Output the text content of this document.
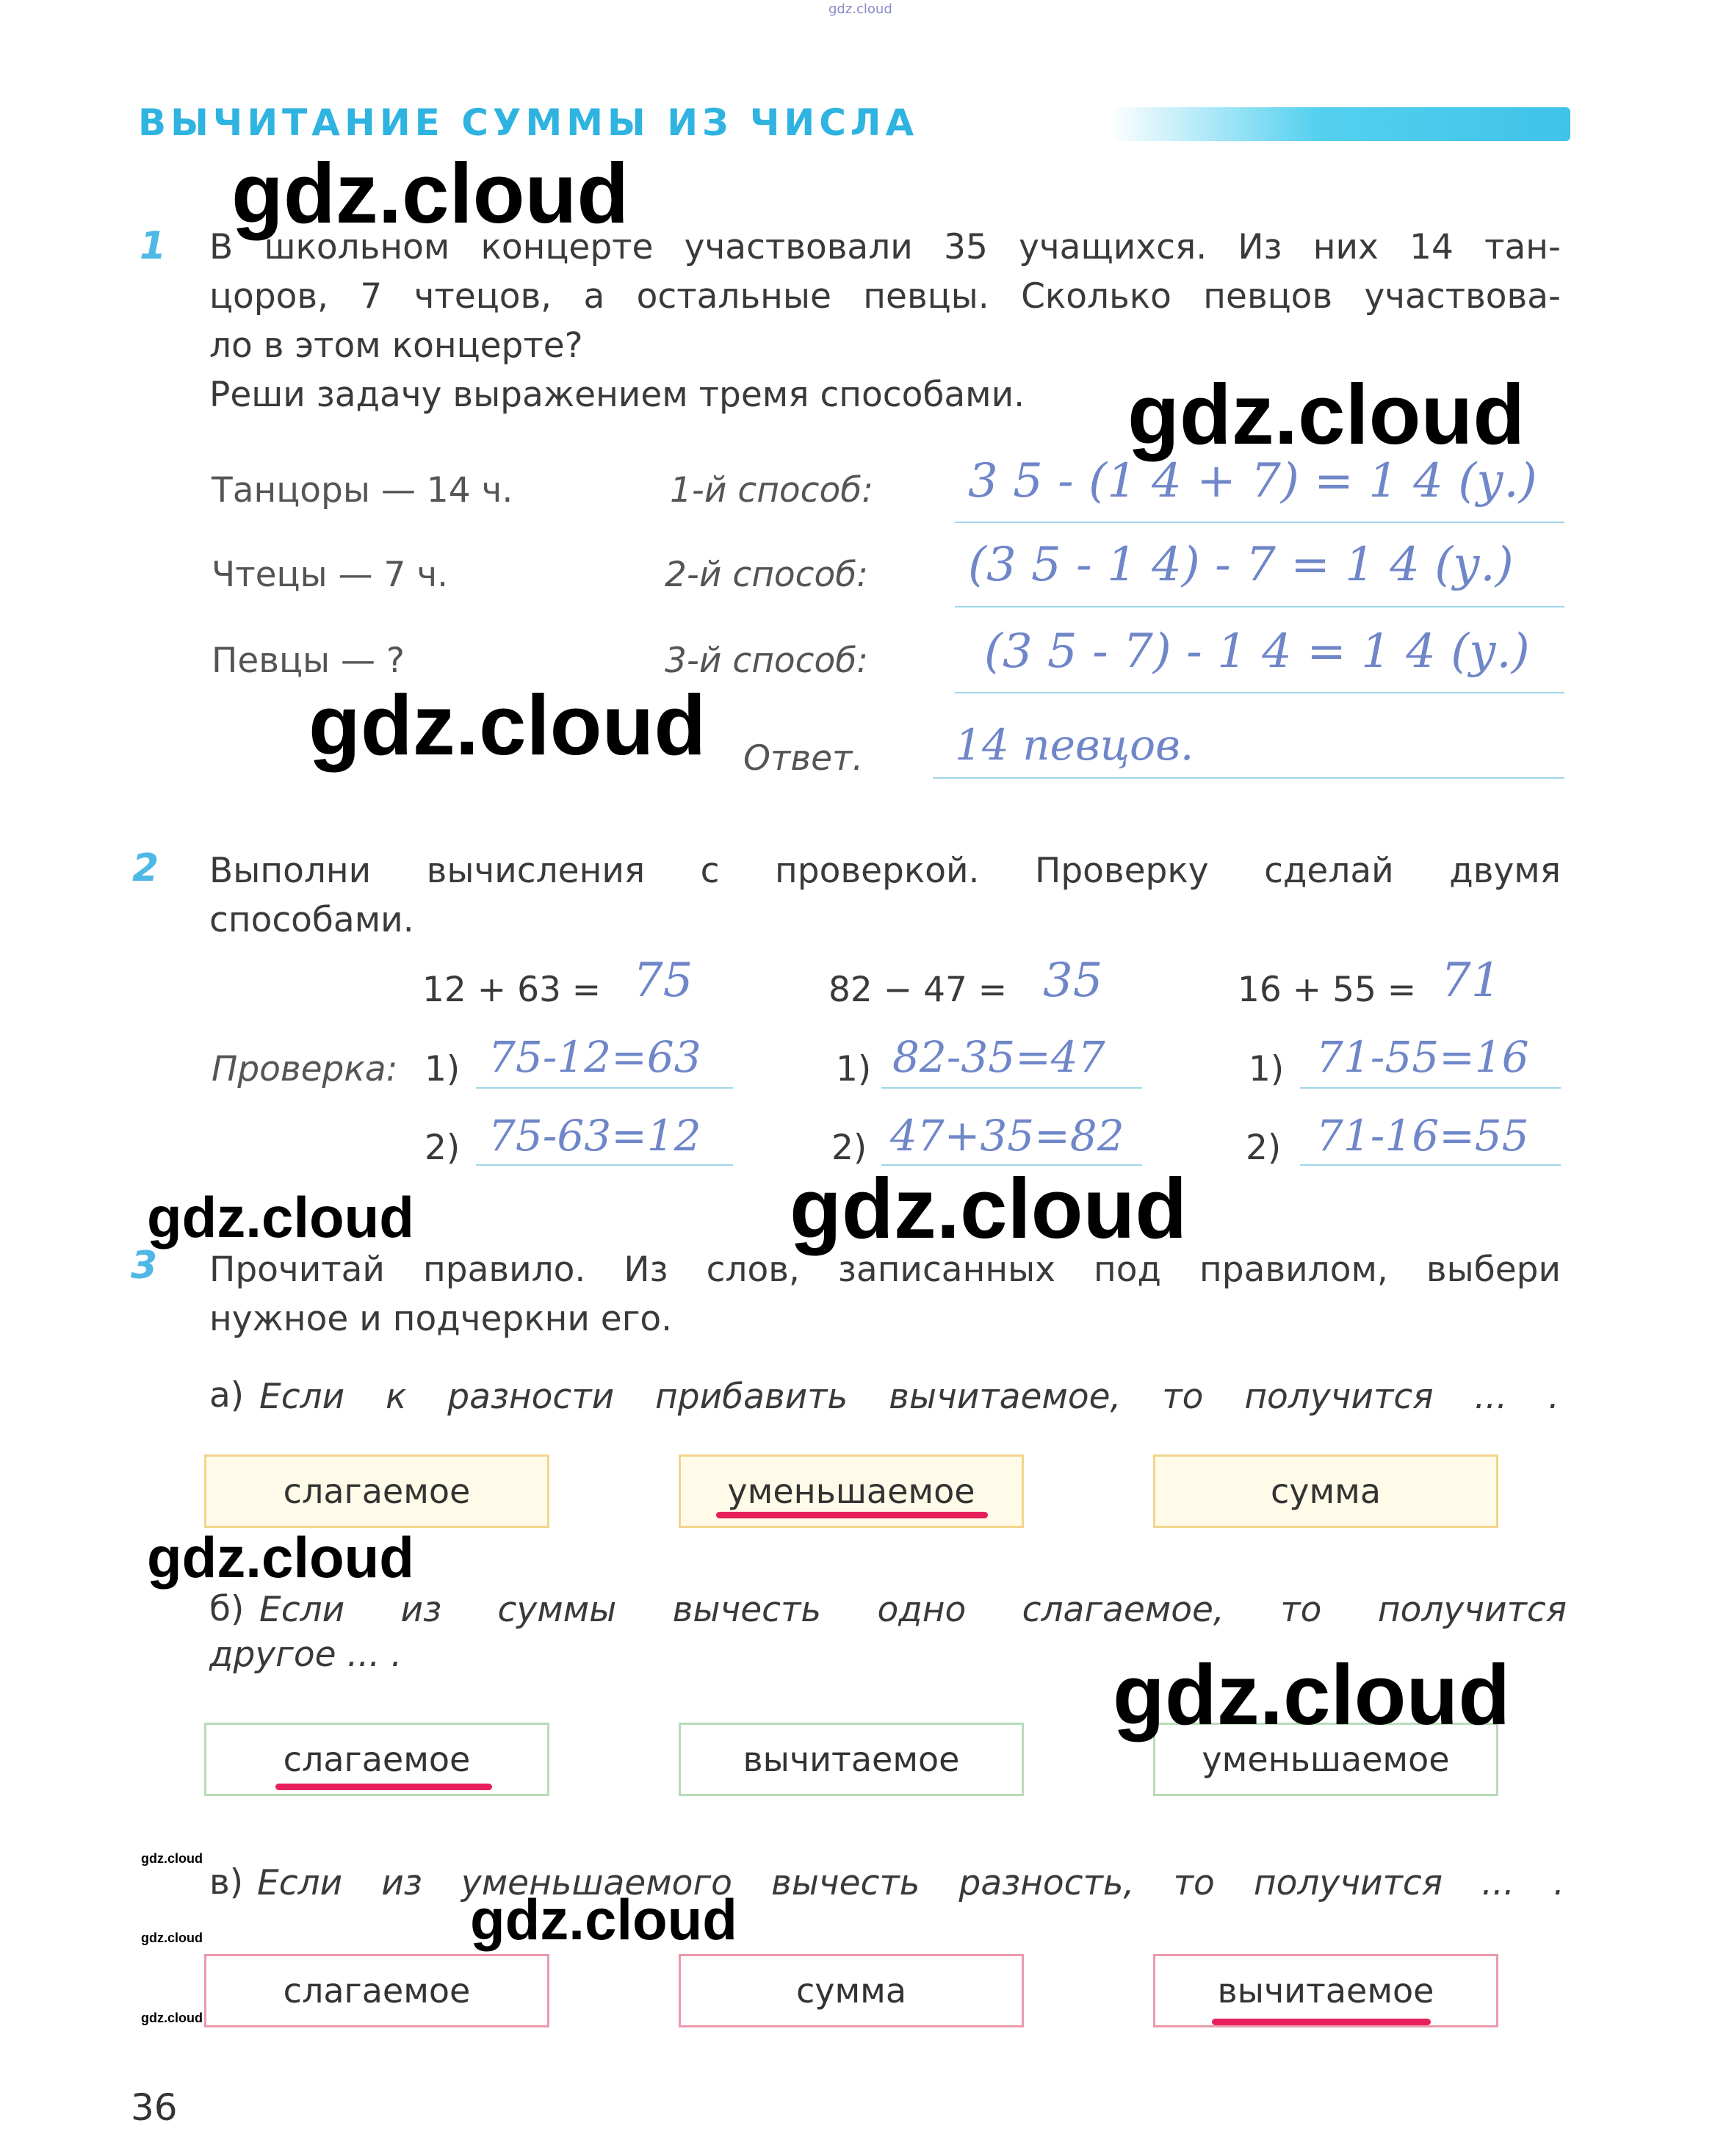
gdz.cloud
ВЫЧИТАНИЕ СУММЫ ИЗ ЧИСЛА
1 В школьном концерте участвовали 35 учащихся. Из них 14 тан-
цоров, 7 чтецов, а остальные певцы. Сколько певцов участвова-
ло в этом концерте?
Реши задачу выражением тремя способами.
Танцоры — 14 ч.	1-й способ: 3 5 - (1 4 + 7) = 1 4 (у.)
Чтецы — 7 ч.	2-й способ: (3 5 - 1 4) - 7 = 1 4 (у.)
Певцы — ?	3-й способ: (3 5 - 7) - 1 4 = 1 4 (у.)
Ответ. 14 певцов.
2 Выполни вычисления с проверкой. Проверку сделай двумя
способами.
12 + 63 = 75	82 − 47 = 35	16 + 55 = 71
Проверка: 1) 75-12=63	1) 82-35=47	1) 71-55=16
2) 75-63=12	2) 47+35=82	2) 71-16=55
3 Прочитай правило. Из слов, записанных под правилом, выбери
нужное и подчеркни его.
а) Если к разности прибавить вычитаемое, то получится ... .
слагаемое	уменьшаемое	сумма
б) Если из суммы вычесть одно слагаемое, то получится
другое ... .
слагаемое	вычитаемое	уменьшаемое
в) Если из уменьшаемого вычесть разность, то получится ... .
слагаемое	сумма	вычитаемое
36
gdz.cloud
gdz.cloud
gdz.cloud
gdz.cloud	gdz.cloud
gdz.cloud
gdz.cloud
gdz.cloud
gdz.cloud
gdz.cloud
gdz.cloud
